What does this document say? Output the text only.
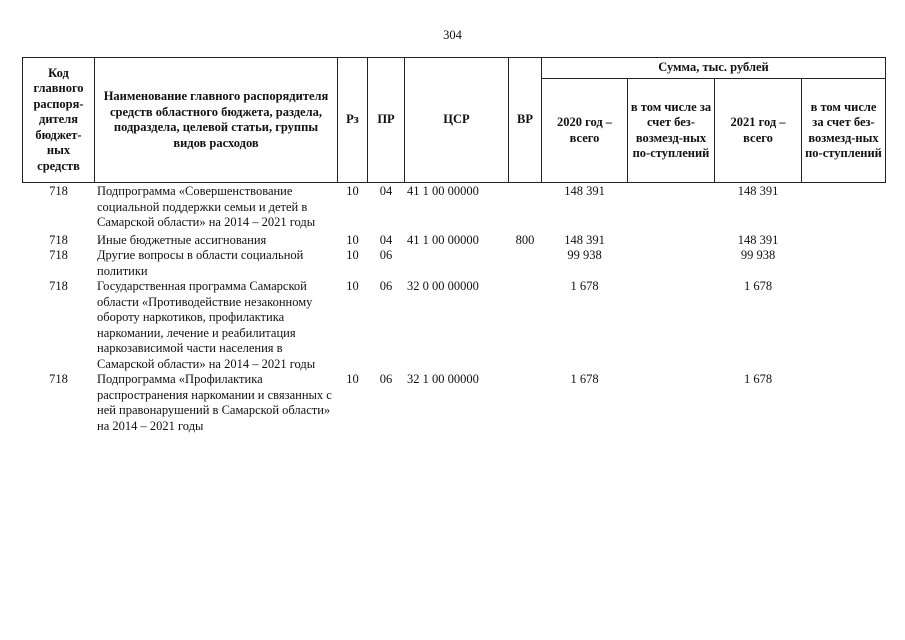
304
Код главного распоря-дителя бюджет-ных средств	Наименование главного распорядителя средств областного бюджета, раздела, подраздела, целевой статьи, группы видов расходов	Рз	ПР	ЦСР	ВР	Сумма, тыс. рублей			
						2020 год – всего	в том числе за счет без-возмезд-ных по-ступлений	2021 год – всего	в том числе за счет без-возмезд-ных по-ступлений
718	Подпрограмма «Совершенствование социальной поддержки семьи и детей в Самарской области» на 2014 – 2021 годы	10	04	41 1 00 00000		148 391		148 391	
718	Иные бюджетные ассигнования	10	04	41 1 00 00000	800	148 391		148 391	
718	Другие вопросы в области социальной политики	10	06			99 938		99 938	
718	Государственная программа Самарской области «Противодействие незаконному обороту наркотиков, профилактика наркомании, лечение и реабилитация наркозависимой части населения в Самарской области» на 2014 – 2021 годы	10	06	32 0 00 00000		1 678		1 678	
718	Подпрограмма «Профилактика распространения наркомании и связанных с ней правонарушений в Самарской области» на 2014 – 2021 годы	10	06	32 1 00 00000		1 678		1 678	
